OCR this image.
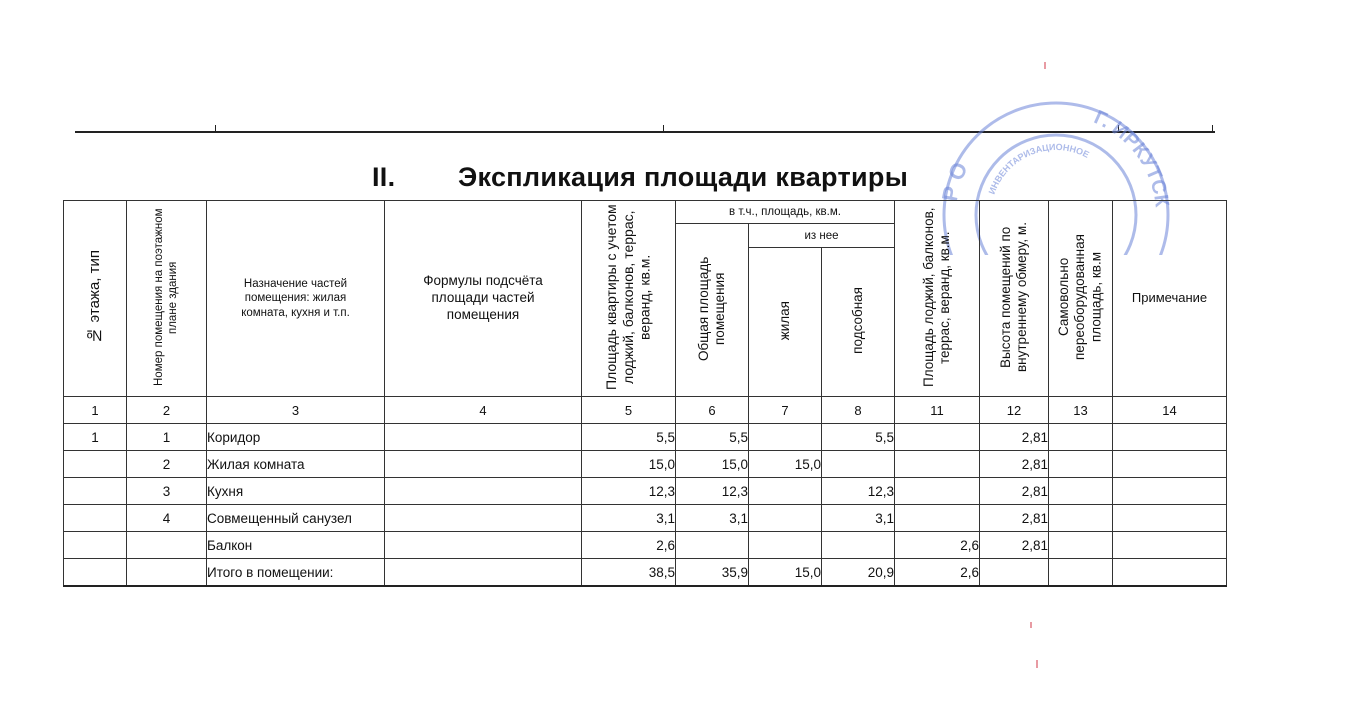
Р О
Г. ИРКУТСК
ИНВЕНТАРИЗАЦИОННОЕ
II. Экспликация площади квартиры
№ этажа, тип	Номер помещения на поэтажном плане здания	Назначение частей помещения: жилая комната, кухня и т.п.	Формулы подсчёта площади частей помещения	Площадь квартиры с учетом лоджий, балконов, террас, веранд, кв.м.	в т.ч., площадь, кв.м.			Площадь лоджий, балконов, террас, веранд, кв.м.	Высота помещений по внутреннему обмеру, м.	Самовольно переоборудованная площадь, кв.м	Примечание
					Общая площадь помещения	из нее					
						жилая	подсобная				
1	2	3	4	5	6	7	8	11	12	13	14
1	1	Коридор		5,5	5,5		5,5		2,81		
	2	Жилая комната		15,0	15,0	15,0			2,81		
	3	Кухня		12,3	12,3		12,3		2,81		
	4	Совмещенный санузел		3,1	3,1		3,1		2,81		
		Балкон		2,6				2,6	2,81		
		Итого в помещении:		38,5	35,9	15,0	20,9	2,6			
